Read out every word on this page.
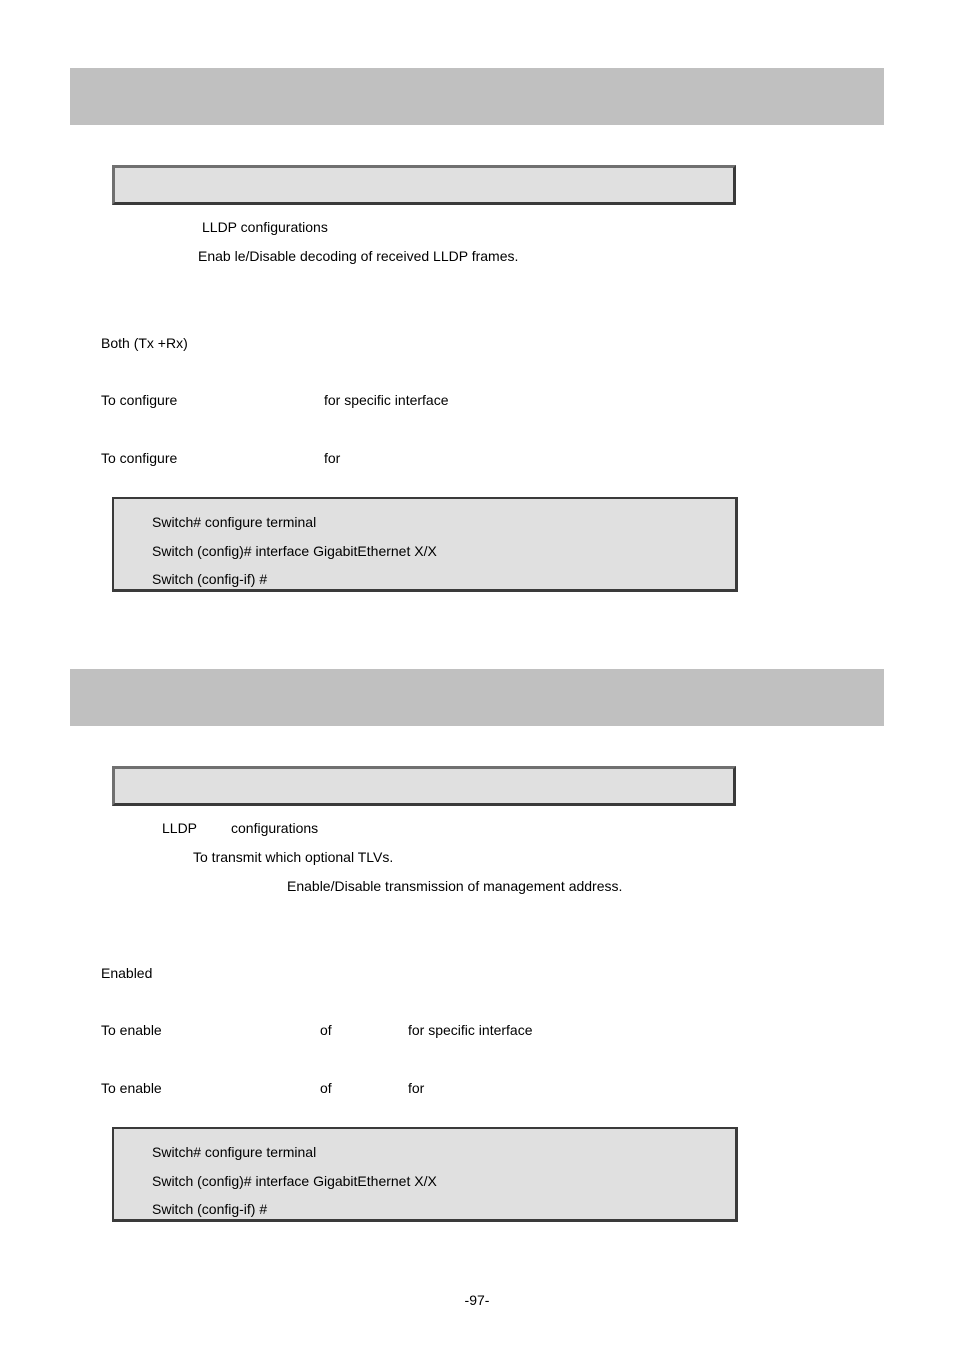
LLDP configurations
Enab le/Disable decoding of received LLDP frames.
Both (Tx +Rx)
To configure	for specific interface
To configure	for
Switch# configure terminal
Switch (config)# interface GigabitEthernet X/X
Switch (config-if) #
LLDP configurations
To transmit which optional TLVs.
Enable/Disable transmission of management address.
Enabled
To enable	of	for specific interface
To enable	of	for
Switch# configure terminal
Switch (config)# interface GigabitEthernet X/X
Switch (config-if) #
-97-
